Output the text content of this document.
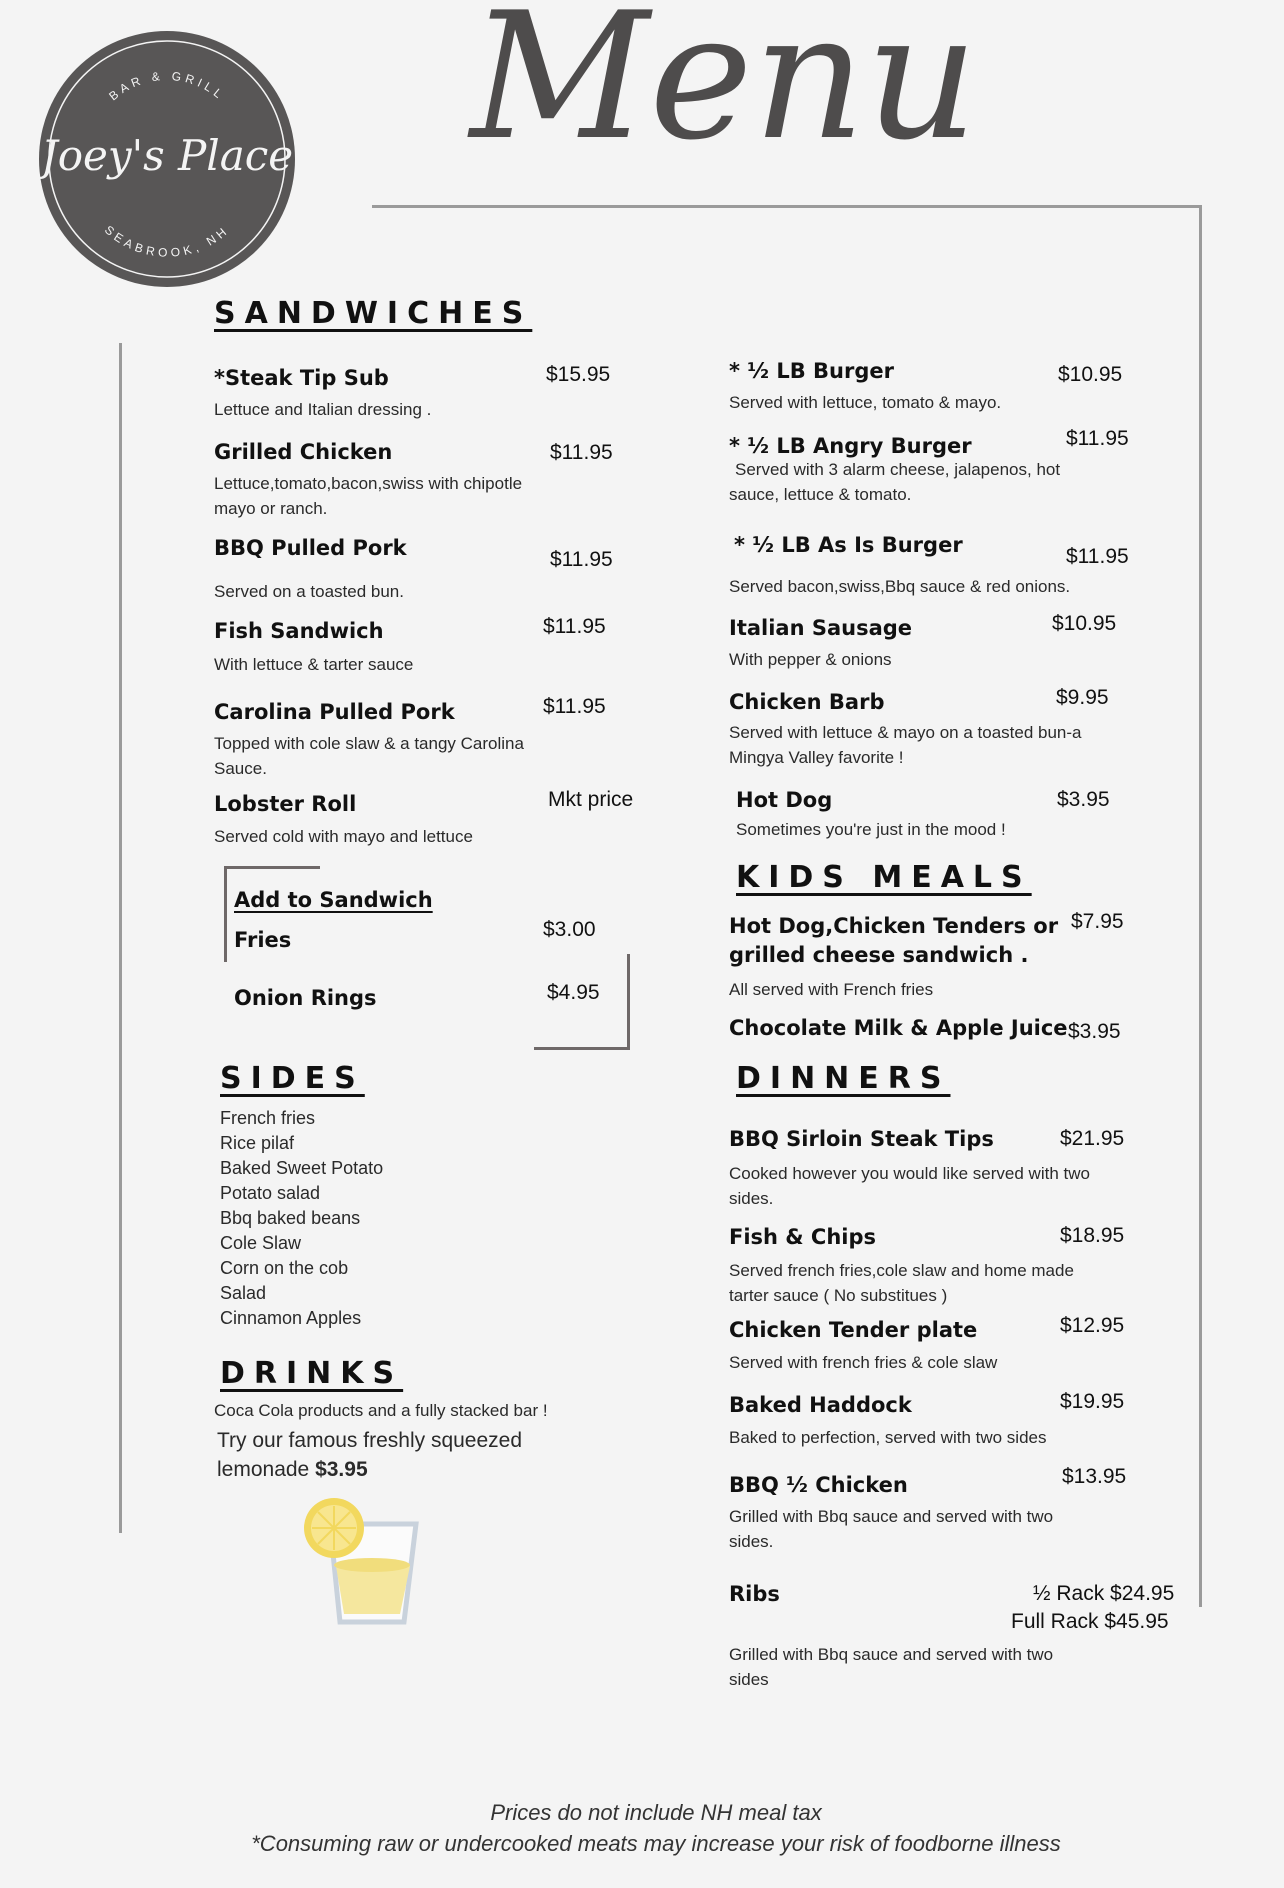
BAR & GRILL
SEABROOK, NH
Joey's Place Menu
SANDWICHES
*Steak Tip Sub	$15.95
Lettuce and Italian dressing .
Grilled Chicken	$11.95
Lettuce,tomato,bacon,swiss with chipotle mayo or ranch.
BBQ Pulled Pork	$11.95
Served on a toasted bun.
Fish Sandwich	$11.95
With lettuce & tarter sauce
Carolina Pulled Pork	$11.95
Topped with cole slaw & a tangy Carolina Sauce.
Lobster Roll	Mkt price
Served cold with mayo and lettuce
Add to Sandwich
Fries	$3.00
Onion Rings	$4.95
SIDES
French fries
Rice pilaf
Baked Sweet Potato
Potato salad
Bbq baked beans
Cole Slaw
Corn on the cob
Salad
Cinnamon Apples
DRINKS
Coca Cola products and a fully stacked bar !
Try our famous freshly squeezed
lemonade $3.95
* ½ LB Burger	$10.95
Served with lettuce, tomato & mayo.
* ½ LB Angry Burger	$11.95
Served with 3 alarm cheese, jalapenos, hot sauce, lettuce & tomato.
* ½ LB As Is Burger	$11.95
Served bacon,swiss,Bbq sauce & red onions.
Italian Sausage	$10.95
With pepper & onions
Chicken Barb	$9.95
Served with lettuce & mayo on a toasted bun-a Mingya Valley favorite !
Hot Dog	$3.95
Sometimes you're just in the mood !
KIDS MEALS
Hot Dog,Chicken Tenders or grilled cheese sandwich .
$7.95
All served with French fries
Chocolate Milk & Apple Juice $3.95
DINNERS
BBQ Sirloin Steak Tips	$21.95
Cooked however you would like served with two sides.
Fish & Chips	$18.95
Served french fries,cole slaw and home made tarter sauce ( No substitues )
Chicken Tender plate	$12.95
Served with french fries & cole slaw
Baked Haddock	$19.95
Baked to perfection, served with two sides
BBQ ½ Chicken	$13.95
Grilled with Bbq sauce and served with two sides.
Ribs	½ Rack $24.95
Full Rack $45.95
Grilled with Bbq sauce and served with two sides
Prices do not include NH meal tax
*Consuming raw or undercooked meats may increase your risk of foodborne illness
